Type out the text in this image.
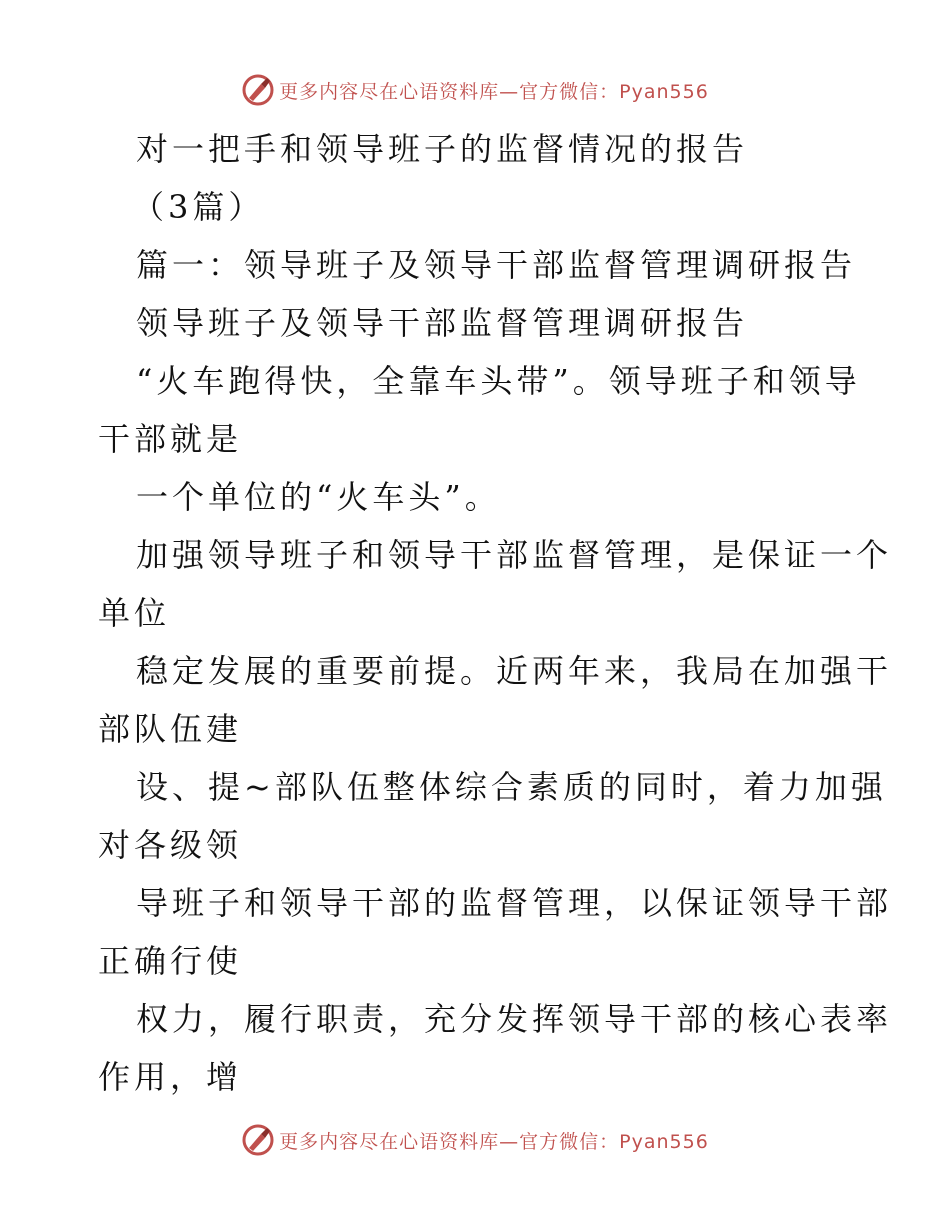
更多内容尽在心语资料库—官方微信：Pyan556
对一把手和领导班子的监督情况的报告
（3篇）
篇一：领导班子及领导干部监督管理调研报告
领导班子及领导干部监督管理调研报告
“火车跑得快，全靠车头带”。领导班子和领导
干部就是
一个单位的“火车头”。
加强领导班子和领导干部监督管理，是保证一个
单位
稳定发展的重要前提。近两年来，我局在加强干
部队伍建
设、提~部队伍整体综合素质的同时，着力加强
对各级领
导班子和领导干部的监督管理，以保证领导干部
正确行使
权力，履行职责，充分发挥领导干部的核心表率
作用，增
更多内容尽在心语资料库—官方微信：Pyan556
